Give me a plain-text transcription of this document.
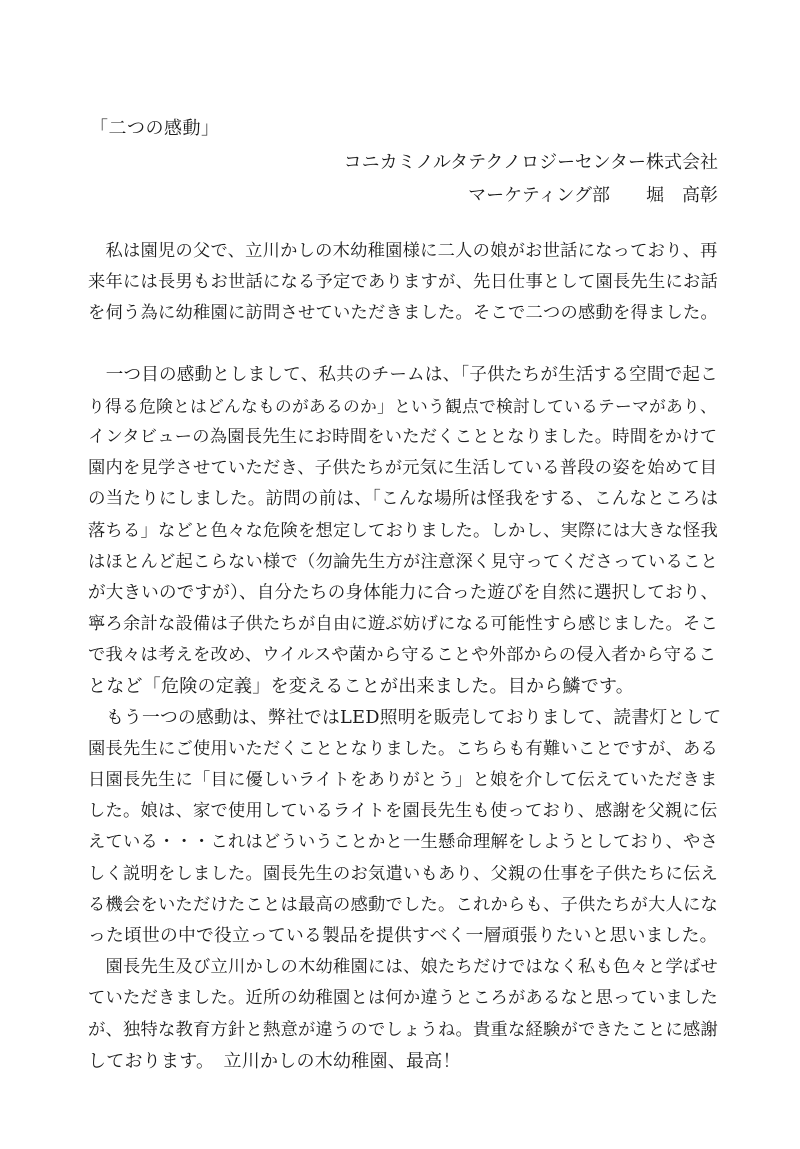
「二つの感動」
コニカミノルタテクノロジーセンター株式会社
マーケティング部　　堀　高彰
　私は園児の父で、立川かしの木幼稚園様に二人の娘がお世話になっており、再
来年には長男もお世話になる予定でありますが、先日仕事として園長先生にお話
を伺う為に幼稚園に訪問させていただきました。そこで二つの感動を得ました。
　一つ目の感動としまして、私共のチームは、「子供たちが生活する空間で起こ
り得る危険とはどんなものがあるのか」という観点で検討しているテーマがあり、
インタビューの為園長先生にお時間をいただくこととなりました。時間をかけて
園内を見学させていただき、子供たちが元気に生活している普段の姿を始めて目
の当たりにしました。訪問の前は、「こんな場所は怪我をする、こんなところは
落ちる」などと色々な危険を想定しておりました。しかし、実際には大きな怪我
はほとんど起こらない様で（勿論先生方が注意深く見守ってくださっていること
が大きいのですが）、自分たちの身体能力に合った遊びを自然に選択しており、
寧ろ余計な設備は子供たちが自由に遊ぶ妨げになる可能性すら感じました。そこ
で我々は考えを改め、ウイルスや菌から守ることや外部からの侵入者から守るこ
となど「危険の定義」を変えることが出来ました。目から鱗です。
　もう一つの感動は、弊社ではLED照明を販売しておりまして、読書灯として
園長先生にご使用いただくこととなりました。こちらも有難いことですが、ある
日園長先生に「目に優しいライトをありがとう」と娘を介して伝えていただきま
した。娘は、家で使用しているライトを園長先生も使っており、感謝を父親に伝
えている・・・これはどういうことかと一生懸命理解をしようとしており、やさ
しく説明をしました。園長先生のお気遣いもあり、父親の仕事を子供たちに伝え
る機会をいただけたことは最高の感動でした。これからも、子供たちが大人にな
った頃世の中で役立っている製品を提供すべく一層頑張りたいと思いました。
　園長先生及び立川かしの木幼稚園には、娘たちだけではなく私も色々と学ばせ
ていただきました。近所の幼稚園とは何か違うところがあるなと思っていました
が、独特な教育方針と熱意が違うのでしょうね。貴重な経験ができたことに感謝
しております。　立川かしの木幼稚園、最高！
